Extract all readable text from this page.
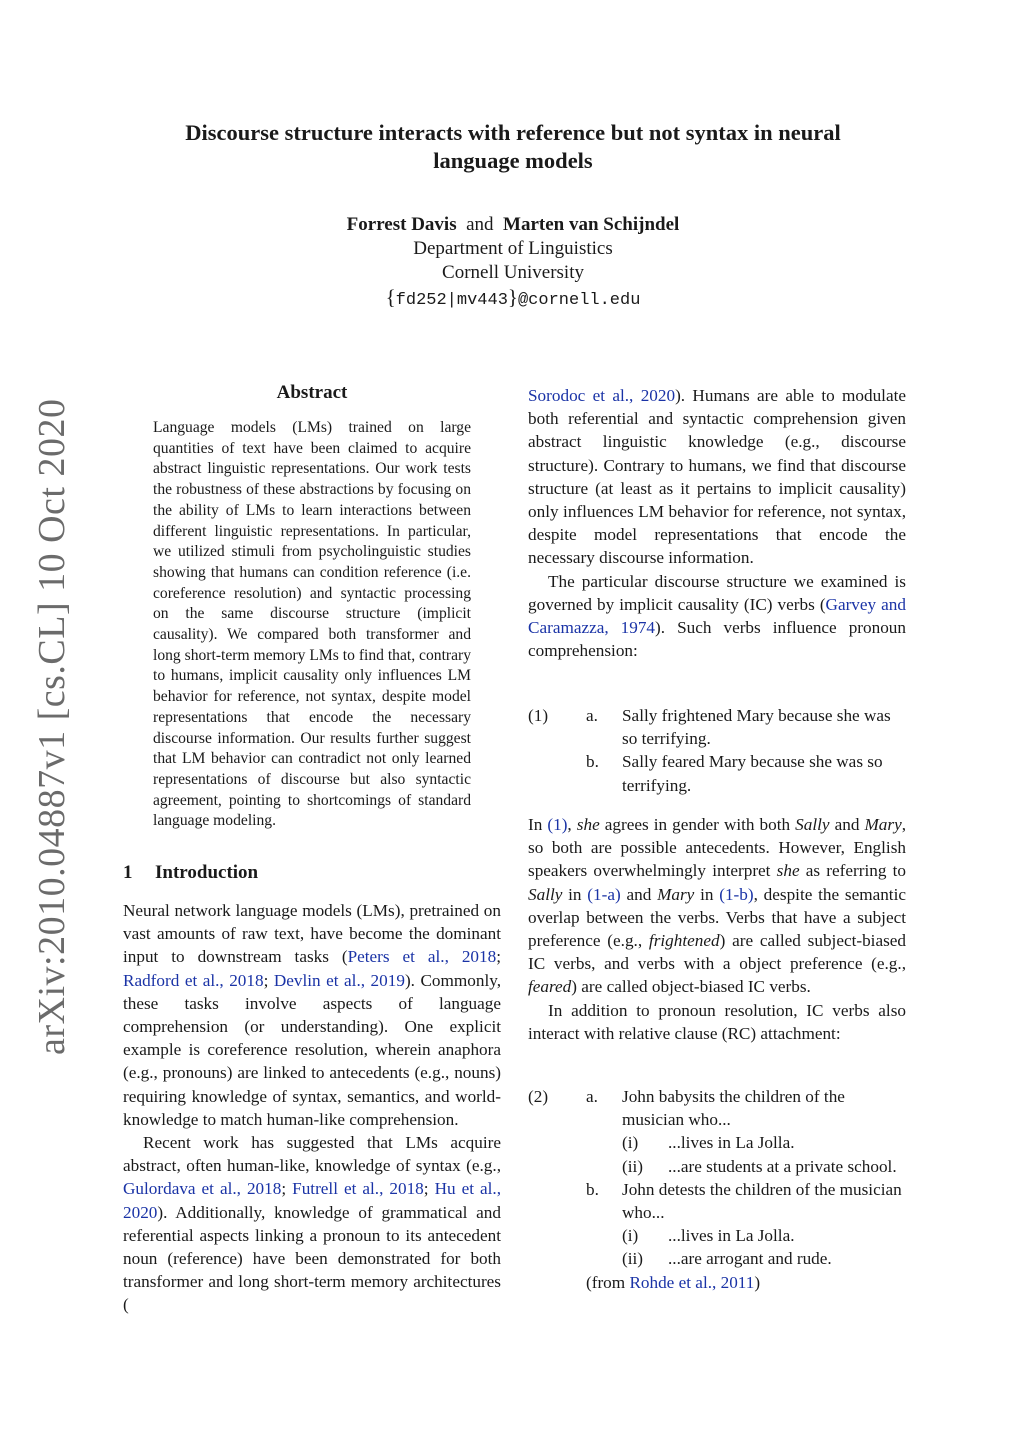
Discourse structure interacts with reference but not syntax in neural
language models
Forrest Davis and Marten van Schijndel
Department of Linguistics
Cornell University
{fd252|mv443}@cornell.edu
arXiv:2010.04887v1 [cs.CL] 10 Oct 2020
Abstract
Language models (LMs) trained on large quantities of text have been claimed to acquire abstract linguistic representations. Our work tests the robustness of these abstractions by focusing on the ability of LMs to learn interactions between different linguistic representations. In particular, we utilized stimuli from psycholinguistic studies showing that humans can condition reference (i.e. coreference resolution) and syntactic processing on the same discourse structure (implicit causality). We compared both transformer and long short-term memory LMs to find that, contrary to humans, implicit causality only influences LM behavior for reference, not syntax, despite model representations that encode the necessary discourse information. Our results further suggest that LM behavior can contradict not only learned representations of discourse but also syntactic agreement, pointing to shortcomings of standard language modeling.
1 Introduction

Neural network language models (LMs), pretrained on vast amounts of raw text, have become the dominant input to downstream tasks (Peters et al., 2018; Radford et al., 2018; Devlin et al., 2019). Commonly, these tasks involve aspects of language comprehension (or understanding). One explicit example is coreference resolution, wherein anaphora (e.g., pronouns) are linked to antecedents (e.g., nouns) requiring knowledge of syntax, semantics, and world-knowledge to match human-like comprehension.

Recent work has suggested that LMs acquire abstract, often human-like, knowledge of syntax (e.g., Gulordava et al., 2018; Futrell et al., 2018; Hu et al., 2020). Additionally, knowledge of grammatical and referential aspects linking a pronoun to its antecedent noun (reference) have been demonstrated for both transformer and long short-term memory architectures (

Sorodoc et al., 2020). Humans are able to modulate both referential and syntactic comprehension given abstract linguistic knowledge (e.g., discourse structure). Contrary to humans, we find that discourse structure (at least as it pertains to implicit causality) only influences LM behavior for reference, not syntax, despite model representations that encode the necessary discourse information.

The particular discourse structure we examined is governed by implicit causality (IC) verbs (Garvey and Caramazza, 1974). Such verbs influence pronoun comprehension:

(1) a. Sally frightened Mary because she was so terrifying.
b. Sally feared Mary because she was so terrifying.

In (1), she agrees in gender with both Sally and Mary, so both are possible antecedents. However, English speakers overwhelmingly interpret she as referring to Sally in (1-a) and Mary in (1-b), despite the semantic overlap between the verbs. Verbs that have a subject preference (e.g., frightened) are called subject-biased IC verbs, and verbs with a object preference (e.g., feared) are called object-biased IC verbs.

In addition to pronoun resolution, IC verbs also interact with relative clause (RC) attachment:

(2) a. John babysits the children of the musician who...
(i) ...lives in La Jolla.
(ii) ...are students at a private school.
b. John detests the children of the musician who...
(i) ...lives in La Jolla.
(ii) ...are arrogant and rude.
(from Rohde et al., 2011)
